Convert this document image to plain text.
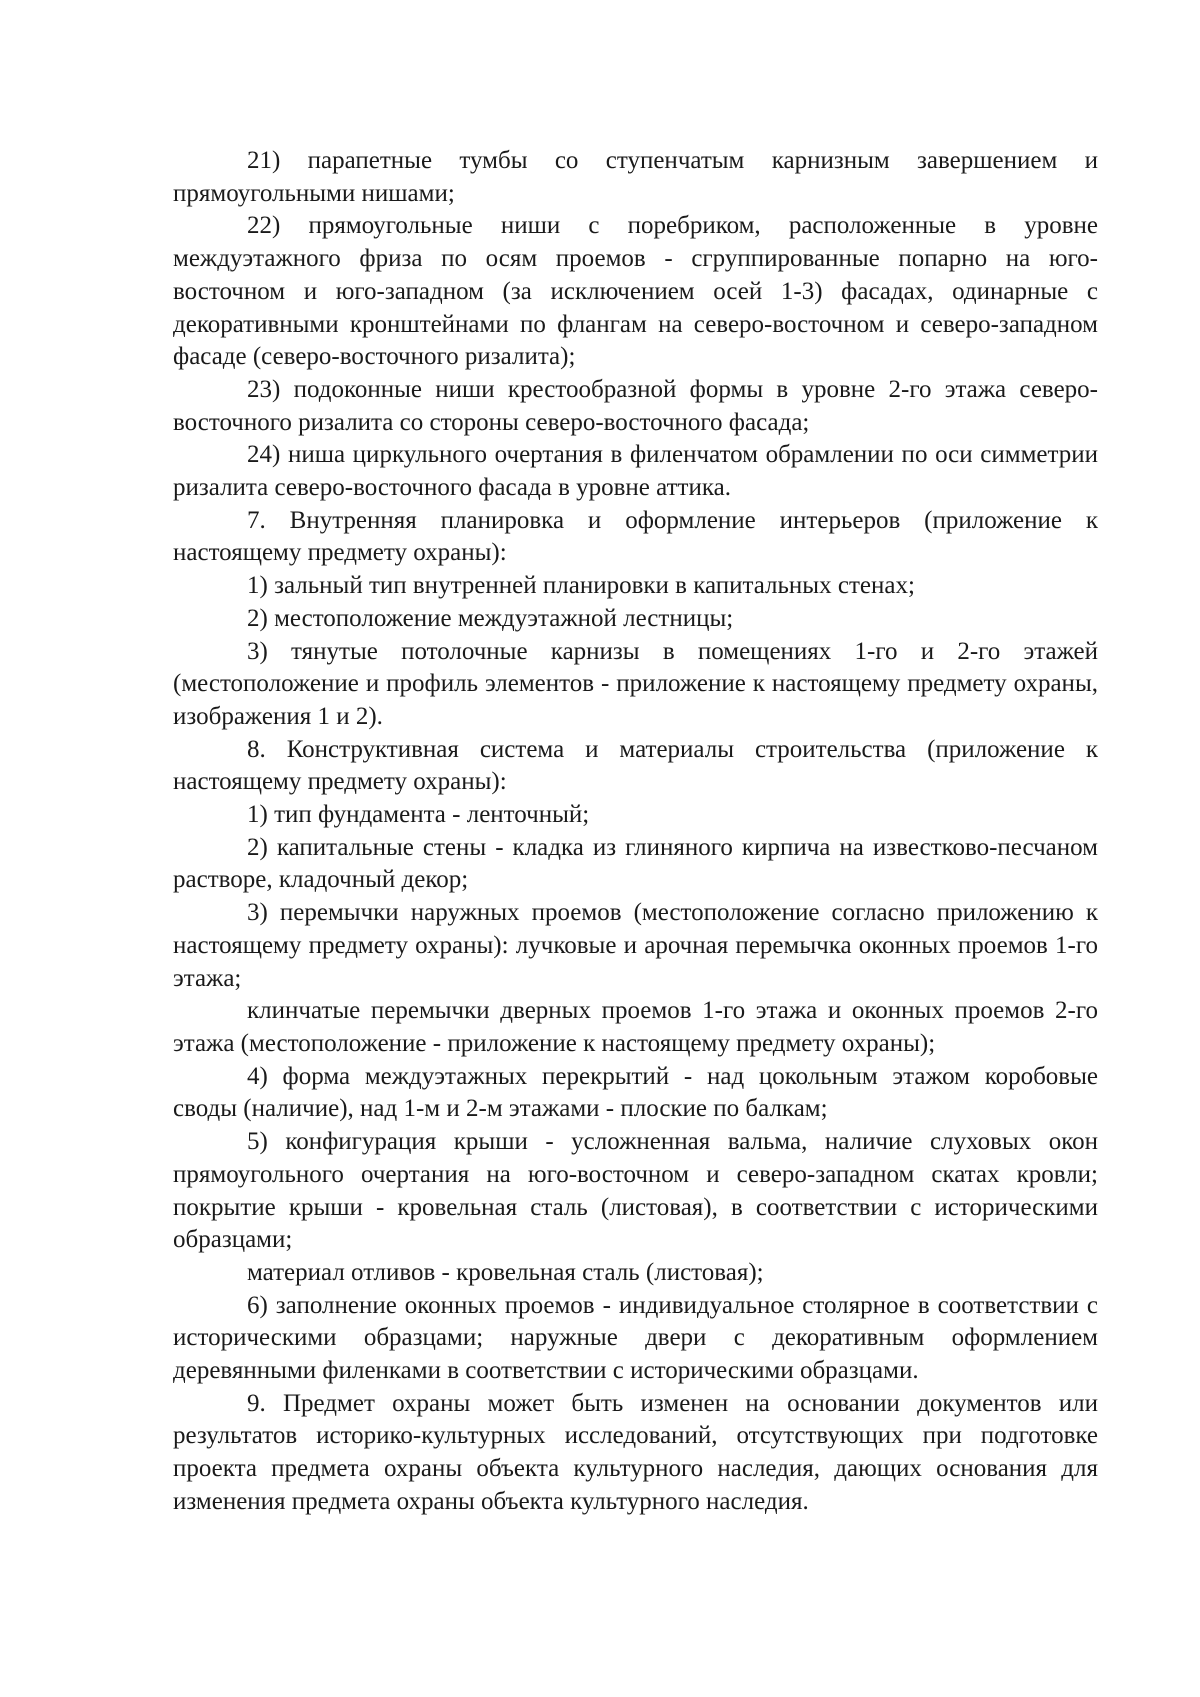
21) парапетные тумбы со ступенчатым карнизным завершением и прямоугольными нишами;

22) прямоугольные ниши с поребриком, расположенные в уровне междуэтажного фриза по осям проемов - сгруппированные попарно на юго-восточном и юго-западном (за исключением осей 1-3) фасадах, одинарные с декоративными кронштейнами по флангам на северо-восточном и северо-западном фасаде (северо-восточного ризалита);

23) подоконные ниши крестообразной формы в уровне 2-го этажа северо-восточного ризалита со стороны северо-восточного фасада;

24) ниша циркульного очертания в филенчатом обрамлении по оси симметрии ризалита северо-восточного фасада в уровне аттика.

7. Внутренняя планировка и оформление интерьеров (приложение к настоящему предмету охраны):

1) зальный тип внутренней планировки в капитальных стенах;

2) местоположение междуэтажной лестницы;

3) тянутые потолочные карнизы в помещениях 1-го и 2-го этажей (местоположение и профиль элементов - приложение к настоящему предмету охраны, изображения 1 и 2).

8. Конструктивная система и материалы строительства (приложение к настоящему предмету охраны):

1) тип фундамента - ленточный;

2) капитальные стены - кладка из глиняного кирпича на известково-песчаном растворе, кладочный декор;

3) перемычки наружных проемов (местоположение согласно приложению к настоящему предмету охраны): лучковые и арочная перемычка оконных проемов 1-го этажа;

клинчатые перемычки дверных проемов 1-го этажа и оконных проемов 2-го этажа (местоположение - приложение к настоящему предмету охраны);

4) форма междуэтажных перекрытий - над цокольным этажом коробовые своды (наличие), над 1-м и 2-м этажами - плоские по балкам;

5) конфигурация крыши - усложненная вальма, наличие слуховых окон прямоугольного очертания на юго-восточном и северо-западном скатах кровли; покрытие крыши - кровельная сталь (листовая), в соответствии с историческими образцами;

материал отливов - кровельная сталь (листовая);

6) заполнение оконных проемов - индивидуальное столярное в соответствии с историческими образцами; наружные двери с декоративным оформлением деревянными филенками в соответствии с историческими образцами.

9. Предмет охраны может быть изменен на основании документов или результатов историко-культурных исследований, отсутствующих при подготовке проекта предмета охраны объекта культурного наследия, дающих основания для изменения предмета охраны объекта культурного наследия.
